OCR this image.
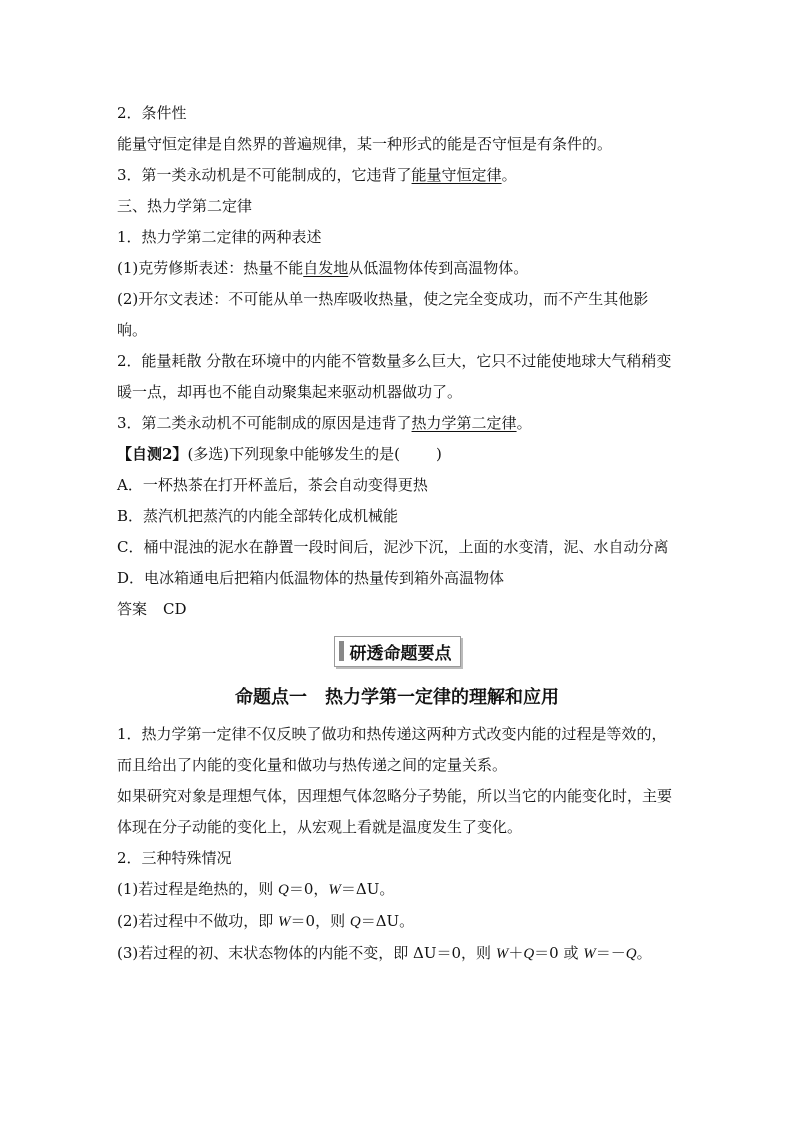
2．条件性
能量守恒定律是自然界的普遍规律，某一种形式的能是否守恒是有条件的。
3．第一类永动机是不可能制成的，它违背了能量守恒定律。
三、热力学第二定律
1．热力学第二定律的两种表述
(1)克劳修斯表述：热量不能自发地从低温物体传到高温物体。
(2)开尔文表述：不可能从单一热库吸收热量，使之完全变成功，而不产生其他影响。
2．能量耗散 分散在环境中的内能不管数量多么巨大，它只不过能使地球大气稍稍变暖一点，却再也不能自动聚集起来驱动机器做功了。
3．第二类永动机不可能制成的原因是违背了热力学第二定律。
【自测2】(多选)下列现象中能够发生的是( )
A．一杯热茶在打开杯盖后，茶会自动变得更热
B．蒸汽机把蒸汽的内能全部转化成机械能
C．桶中混浊的泥水在静置一段时间后，泥沙下沉，上面的水变清，泥、水自动分离
D．电冰箱通电后把箱内低温物体的热量传到箱外高温物体
答案 CD
研透命题要点
命题点一　热力学第一定律的理解和应用
1．热力学第一定律不仅反映了做功和热传递这两种方式改变内能的过程是等效的，而且给出了内能的变化量和做功与热传递之间的定量关系。
如果研究对象是理想气体，因理想气体忽略分子势能，所以当它的内能变化时，主要体现在分子动能的变化上，从宏观上看就是温度发生了变化。
2．三种特殊情况
(1)若过程是绝热的，则 Q＝0，W＝ΔU。
(2)若过程中不做功，即 W＝0，则 Q＝ΔU。
(3)若过程的初、末状态物体的内能不变，即 ΔU＝0，则 W＋Q＝0 或 W＝－Q。
